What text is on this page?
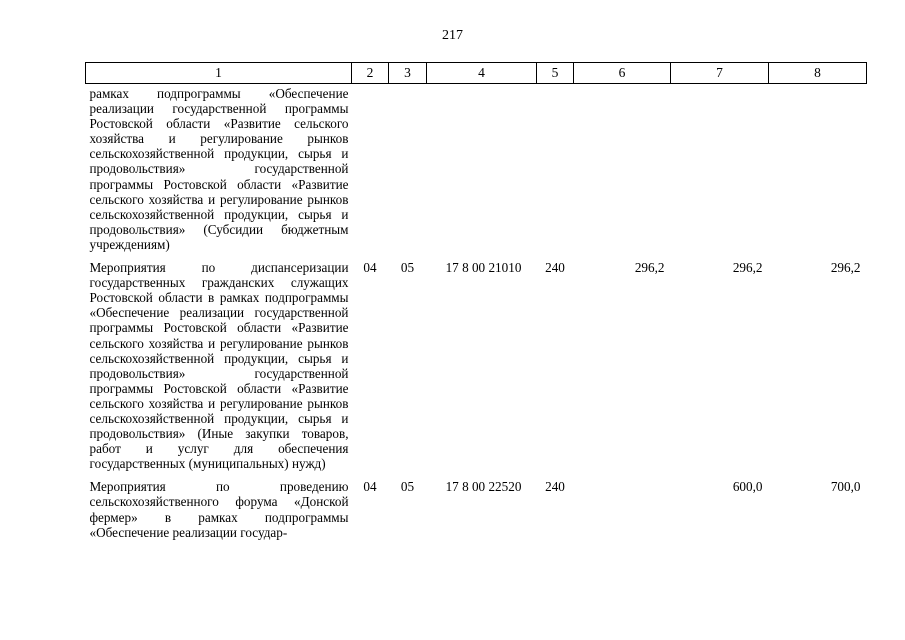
217
1	2	3	4	5	6	7	8
рамках подпрограммы «Обеспечение реализации государственной программы Ростовской области «Развитие сельского хозяйства и регулирование рынков сельскохозяйственной продукции, сырья и продовольствия» государственной программы Ростовской области «Развитие сельского хозяйства и регулирование рынков сельскохозяйственной продукции, сырья и продовольствия» (Субсидии бюджетным учреждениям)							
Мероприятия по диспансеризации государственных гражданских служащих Ростовской области в рамках подпрограммы «Обеспечение реализации государственной программы Ростовской области «Развитие сельского хозяйства и регулирование рынков сельскохозяйственной продукции, сырья и продовольствия» государственной программы Ростовской области «Развитие сельского хозяйства и регулирование рынков сельскохозяйственной продукции, сырья и продовольствия» (Иные закупки товаров, работ и услуг для обеспечения государственных (муниципальных) нужд)	04	05	17 8 00 21010	240	296,2	296,2	296,2
Мероприятия по проведению сельскохозяйственного форума «Донской фермер» в рамках подпрограммы «Обеспечение реализации государ-	04	05	17 8 00 22520	240		600,0	700,0
